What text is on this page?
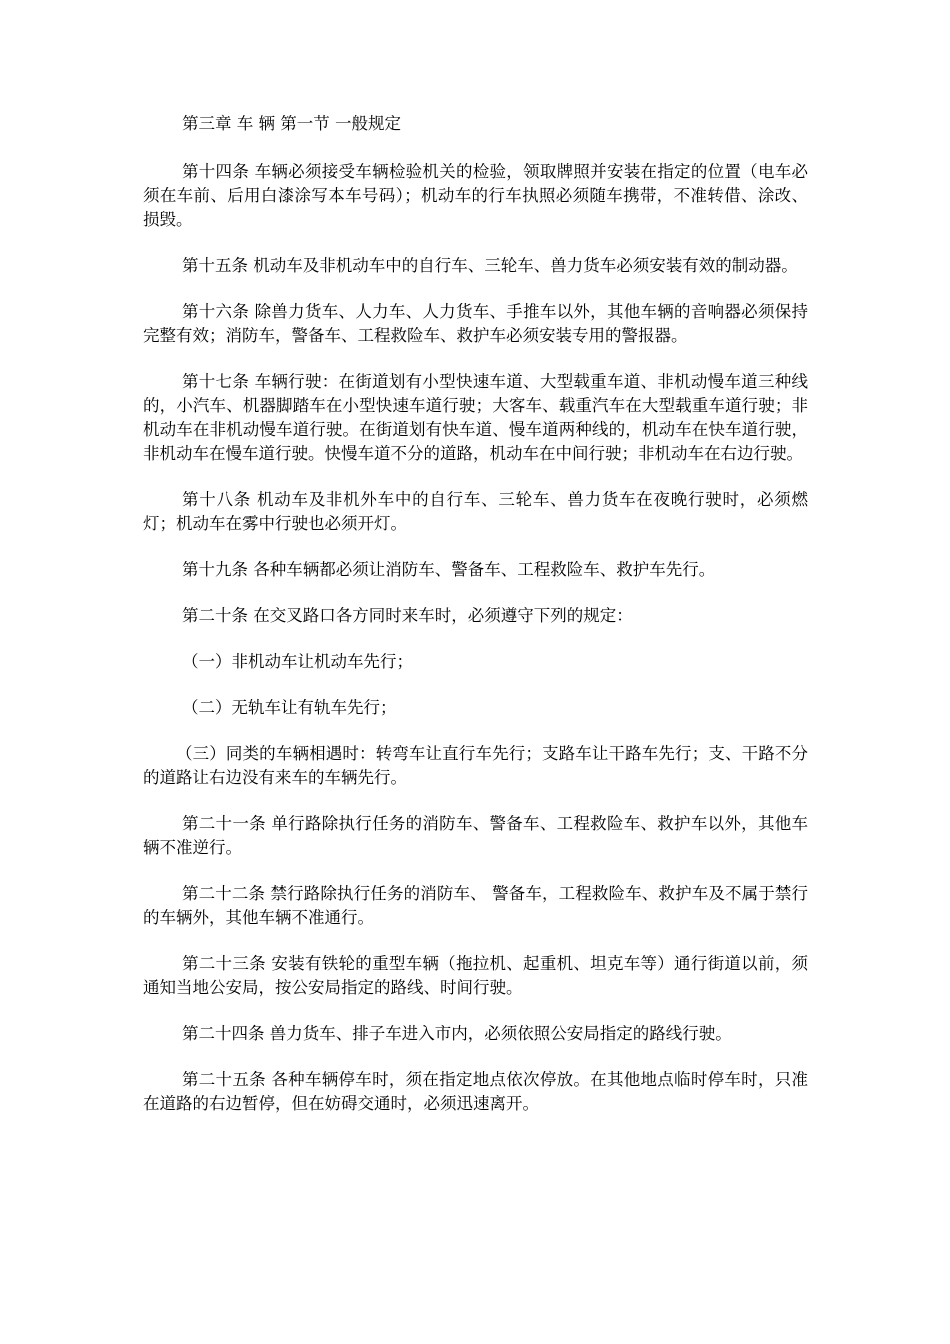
第三章 车 辆 第一节 一般规定

第十四条 车辆必须接受车辆检验机关的检验，领取牌照并安装在指定的位置（电车必须在车前、后用白漆涂写本车号码）；机动车的行车执照必须随车携带，不准转借、涂改、损毁。

第十五条 机动车及非机动车中的自行车、三轮车、兽力货车必须安装有效的制动器。

第十六条 除兽力货车、人力车、人力货车、手推车以外，其他车辆的音响器必须保持完整有效；消防车，警备车、工程救险车、救护车必须安装专用的警报器。

第十七条 车辆行驶：在街道划有小型快速车道、大型载重车道、非机动慢车道三种线的，小汽车、机器脚踏车在小型快速车道行驶；大客车、载重汽车在大型载重车道行驶；非机动车在非机动慢车道行驶。在街道划有快车道、慢车道两种线的，机动车在快车道行驶，非机动车在慢车道行驶。快慢车道不分的道路，机动车在中间行驶；非机动车在右边行驶。

第十八条 机动车及非机外车中的自行车、三轮车、兽力货车在夜晚行驶时，必须燃灯；机动车在雾中行驶也必须开灯。

第十九条 各种车辆都必须让消防车、警备车、工程救险车、救护车先行。

第二十条 在交叉路口各方同时来车时，必须遵守下列的规定：

（一）非机动车让机动车先行；

（二）无轨车让有轨车先行；

（三）同类的车辆相遇时：转弯车让直行车先行；支路车让干路车先行；支、干路不分的道路让右边没有来车的车辆先行。

第二十一条 单行路除执行任务的消防车、警备车、工程救险车、救护车以外，其他车辆不准逆行。

第二十二条 禁行路除执行任务的消防车、 警备车，工程救险车、救护车及不属于禁行的车辆外，其他车辆不准通行。

第二十三条 安装有铁轮的重型车辆（拖拉机、起重机、坦克车等）通行街道以前，须通知当地公安局，按公安局指定的路线、时间行驶。

第二十四条 兽力货车、排子车进入市内，必须依照公安局指定的路线行驶。

第二十五条 各种车辆停车时，须在指定地点依次停放。在其他地点临时停车时，只准在道路的右边暂停，但在妨碍交通时，必须迅速离开。
